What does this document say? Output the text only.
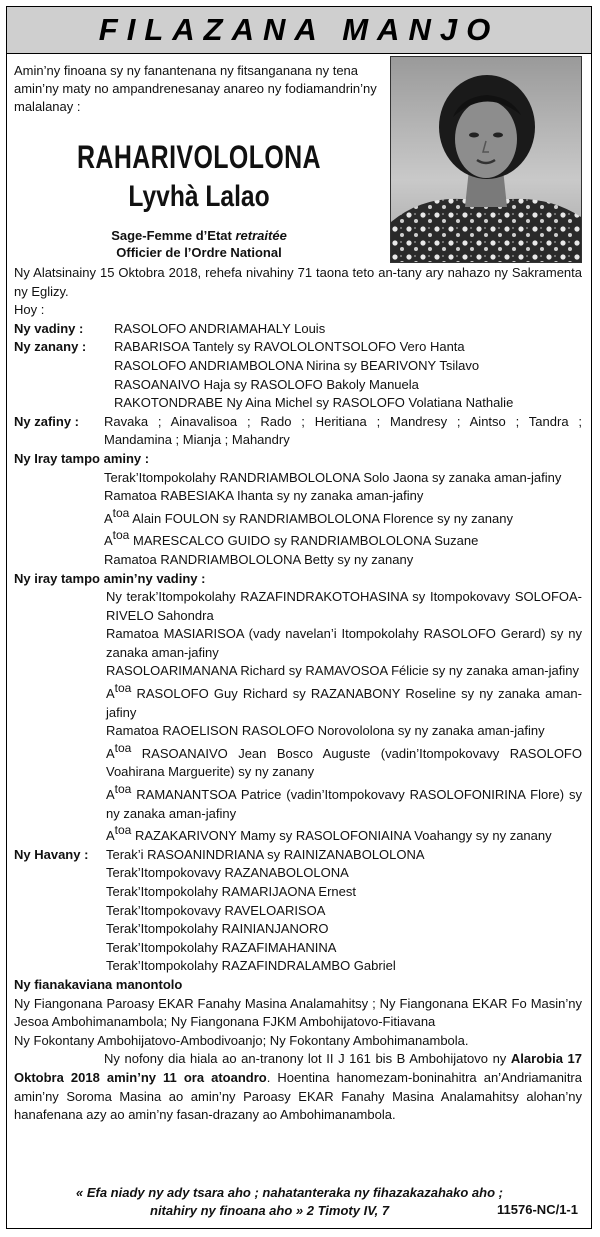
FILAZANA MANJO
Amin’ny finoana sy ny fanantenana ny fitsanganana ny tena amin’ny maty no ampandrenesanay anareo ny fodiamandrin’ny malalanay :
RAHARIVOLOLONA
Lyvhà Lalao
Sage-Femme d’Etat retraitée
Officier de l’Ordre National

Ny Alatsinainy 15 Oktobra 2018, rehefa nivahiny 71 taona teto an-tany ary nahazo ny Sakramenta ny Eglizy.

Hoy :

Ny vadiny :	RASOLOFO ANDRIAMAHALY Louis
Ny zanany :	RABARISOA Tantely sy RAVOLOLONTSOLOFO Vero Hanta

RASOLOFO ANDRIAMBOLONA Nirina sy BEARIVONY Tsilavo

RASOANAIVO Haja sy RASOLOFO Bakoly Manuela

RAKOTONDRABE Ny Aina Michel sy RASOLOFO Volatiana Nathalie

Ny zafiny :	Ravaka ; Ainavalisoa ; Rado ; Heritiana ; Mandresy ; Aintso ; Tandra ;

Mandamina ; Mianja ; Mahandry

Ny Iray tampo aminy :

Terak’Itompokolahy RANDRIAMBOLOLONA Solo Jaona sy zanaka aman-jafiny

Ramatoa RABESIAKA Ihanta sy ny zanaka aman-jafiny

$A^{toa}$ Alain FOULON sy RANDRIAMBOLOLONA Florence sy ny zanany

$A^{toa}$ MARESCALCO GUIDO sy RANDRIAMBOLOLONA Suzane

Ramatoa RANDRIAMBOLOLONA Betty sy ny zanany

Ny iray tampo amin’ny vadiny :

Ny terak’Itompokolahy RAZAFINDRAKOTOHASINA sy Itompokovavy SOLOFOA-RIVELO Sahondra

Ramatoa MASIARISOA (vady navelan’i Itompokolahy RASOLOFO Gerard) sy ny zanaka aman-jafiny

RASOLOARIMANANA Richard sy RAMAVOSOA Félicie sy ny zanaka aman-jafiny

$A^{toa}$ RASOLOFO Guy Richard sy RAZANABONY Roseline sy ny zanaka aman-jafiny

Ramatoa RAOELISON RASOLOFO Norovololona sy ny zanaka aman-jafiny

$A^{toa}$ RASOANAIVO Jean Bosco Auguste (vadin’Itompokovavy RASOLOFO Voahirana Marguerite) sy ny zanany

$A^{toa}$ RAMANANTSOA Patrice (vadin’Itompokovavy RASOLOFONIRINA Flore) sy ny zanaka aman-jafiny

$A^{toa}$ RAZAKARIVONY Mamy sy RASOLOFONIAINA Voahangy sy ny zanany

Ny Havany :	Terak’i RASOANINDRIANA sy RAINIZANABOLOLONA

Terak’Itompokovavy RAZANABOLOLONA

Terak’Itompokolahy RAMARIJAONA Ernest

Terak’Itompokovavy RAVELOARISOA

Terak’Itompokolahy RAINIANJANORO

Terak’Itompokolahy RAZAFIMAHANINA

Terak’Itompokolahy RAZAFINDRALAMBO Gabriel

Ny fianakaviana manontolo

Ny Fiangonana Paroasy EKAR Fanahy Masina Analamahitsy ; Ny Fiangonana EKAR Fo Masin’ny Jesoa Ambohimanambola; Ny Fiangonana FJKM Ambohijatovo-Fitiavana

Ny Fokontany Ambohijatovo-Ambodivoanjo; Ny Fokontany Ambohimanambola.

Ny nofony dia hiala ao an-tranony lot II J 161 bis B Ambohijatovo ny Alarobia 17 Oktobra 2018 amin’ny 11 ora atoandro. Hoentina hanomezam-boninahitra an’Andriamanitra amin’ny Soroma Masina ao amin’ny Paroasy EKAR Fanahy Masina Analamahitsy alohan’ny hanafenana azy ao amin’ny fasan-drazany ao Ambohimanambola.

« Efa niady ny ady tsara aho ; nahatanteraka ny fihazakazahako aho ;
nitahiry ny finoana aho » 2 Timoty IV, 7	11576-NC/1-1
